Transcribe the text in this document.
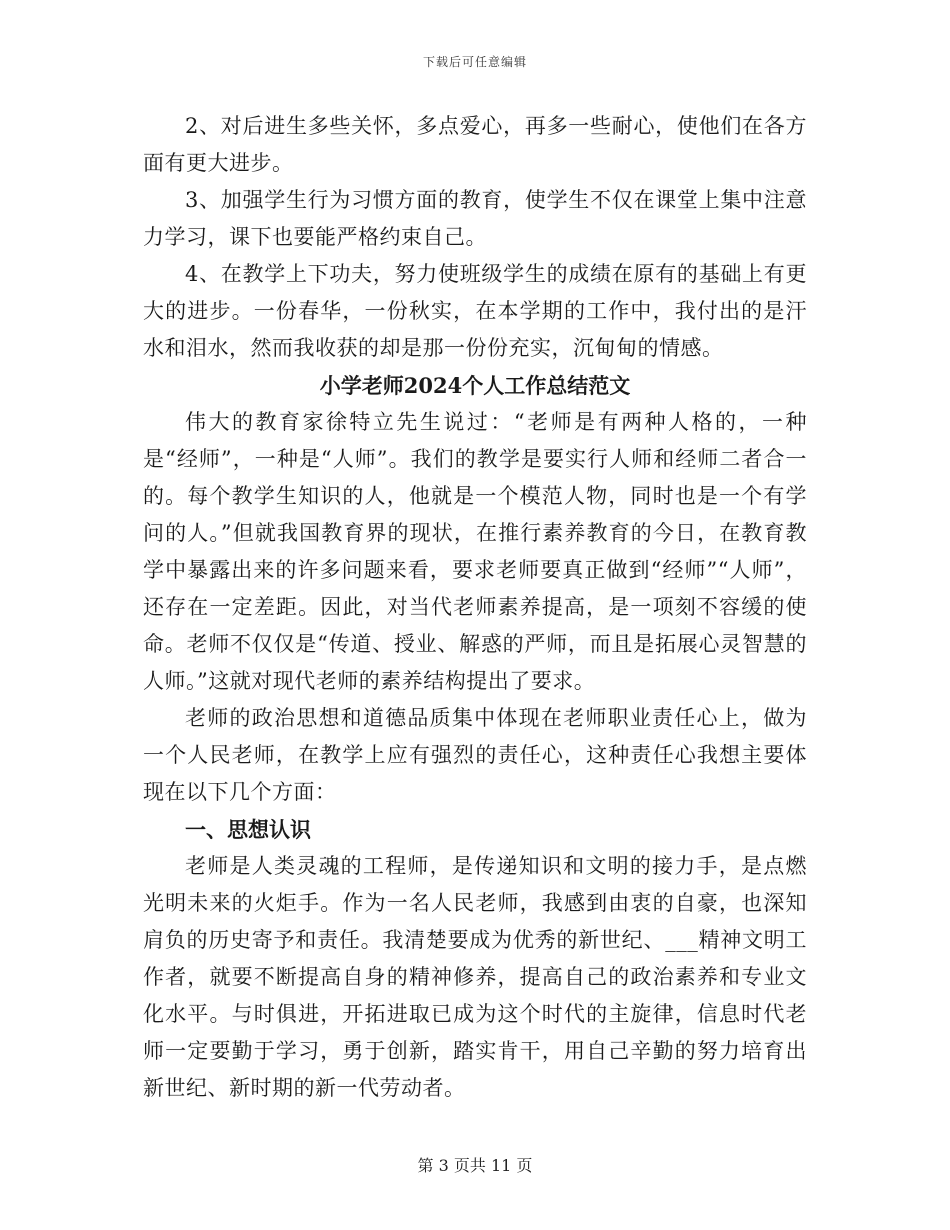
下载后可任意编辑

2、对后进生多些关怀，多点爱心，再多一些耐心，使他们在各方面有更大进步。

3、加强学生行为习惯方面的教育，使学生不仅在课堂上集中注意力学习，课下也要能严格约束自己。

4、在教学上下功夫，努力使班级学生的成绩在原有的基础上有更大的进步。一份春华，一份秋实，在本学期的工作中，我付出的是汗水和泪水，然而我收获的却是那一份份充实，沉甸甸的情感。

小学老师2024个人工作总结范文

伟大的教育家徐特立先生说过：“老师是有两种人格的，一种是“经师”，一种是“人师”。我们的教学是要实行人师和经师二者合一的。每个教学生知识的人，他就是一个模范人物，同时也是一个有学问的人。”但就我国教育界的现状，在推行素养教育的今日，在教育教学中暴露出来的许多问题来看，要求老师要真正做到“经师”“人师”，还存在一定差距。因此，对当代老师素养提高，是一项刻不容缓的使命。老师不仅仅是“传道、授业、解惑的严师，而且是拓展心灵智慧的人师。”这就对现代老师的素养结构提出了要求。

老师的政治思想和道德品质集中体现在老师职业责任心上，做为一个人民老师，在教学上应有强烈的责任心，这种责任心我想主要体现在以下几个方面：

一、思想认识

老师是人类灵魂的工程师，是传递知识和文明的接力手，是点燃光明未来的火炬手。作为一名人民老师，我感到由衷的自豪，也深知肩负的历史寄予和责任。我清楚要成为优秀的新世纪、___精神文明工作者，就要不断提高自身的精神修养，提高自己的政治素养和专业文化水平。与时俱进，开拓进取已成为这个时代的主旋律，信息时代老师一定要勤于学习，勇于创新，踏实肯干，用自己辛勤的努力培育出新世纪、新时期的新一代劳动者。

第 3 页共 11 页
